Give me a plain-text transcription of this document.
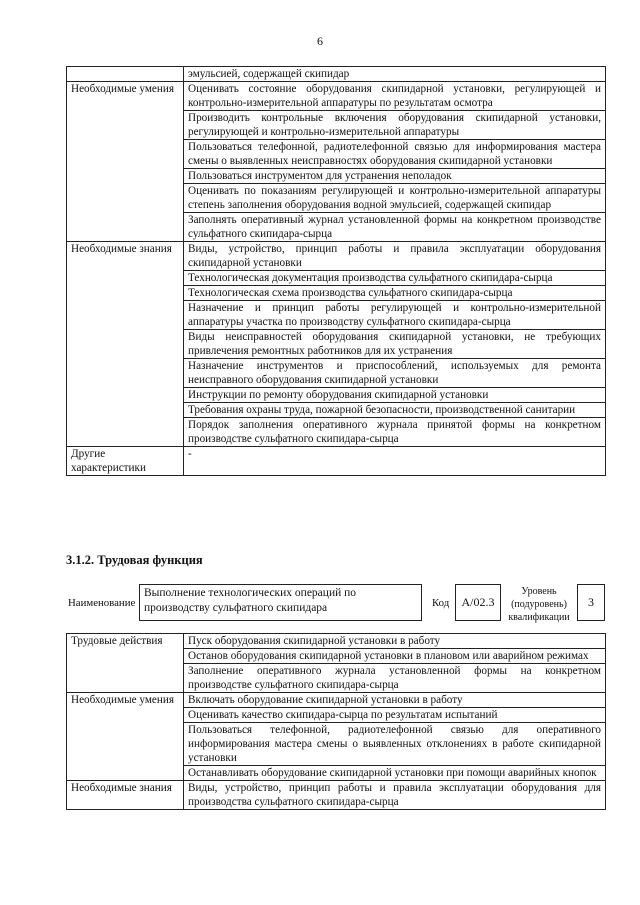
6
	эмульсией, содержащей скипидар
Необходимые умения	Оценивать состояние оборудования скипидарной установки, регулирующей и контрольно-измерительной аппаратуры по результатам осмотра
	Производить контрольные включения оборудования скипидарной установки, регулирующей и контрольно-измерительной аппаратуры
	Пользоваться телефонной, радиотелефонной связью для информирования мастера смены о выявленных неисправностях оборудования скипидарной установки
	Пользоваться инструментом для устранения неполадок
	Оценивать по показаниям регулирующей и контрольно-измерительной аппаратуры степень заполнения оборудования водной эмульсией, содержащей скипидар
	Заполнять оперативный журнал установленной формы на конкретном производстве сульфатного скипидара-сырца
Необходимые знания	Виды, устройство, принцип работы и правила эксплуатации оборудования скипидарной установки
	Технологическая документация производства сульфатного скипидара-сырца
	Технологическая схема производства сульфатного скипидара-сырца
	Назначение и принцип работы регулирующей и контрольно-измерительной аппаратуры участка по производству сульфатного скипидара-сырца
	Виды неисправностей оборудования скипидарной установки, не требующих привлечения ремонтных работников для их устранения
	Назначение инструментов и приспособлений, используемых для ремонта неисправного оборудования скипидарной установки
	Инструкции по ремонту оборудования скипидарной установки
	Требования охраны труда, пожарной безопасности, производственной санитарии
	Порядок заполнения оперативного журнала принятой формы на конкретном производстве сульфатного скипидара-сырца
Другие характеристики	-
3.1.2. Трудовая функция
Наименование
Выполнение технологических операций по производству сульфатного скипидара	Код	A/02.3
Уровень (подуровень) квалификации
3
Трудовые действия	Пуск оборудования скипидарной установки в работу
	Останов оборудования скипидарной установки в плановом или аварийном режимах
	Заполнение оперативного журнала установленной формы на конкретном производстве сульфатного скипидара-сырца
Необходимые умения	Включать оборудование скипидарной установки в работу
	Оценивать качество скипидара-сырца по результатам испытаний
	Пользоваться телефонной, радиотелефонной связью для оперативного информирования мастера смены о выявленных отклонениях в работе скипидарной установки
	Останавливать оборудование скипидарной установки при помощи аварийных кнопок
Необходимые знания	Виды, устройство, принцип работы и правила эксплуатации оборудования для производства сульфатного скипидара-сырца
